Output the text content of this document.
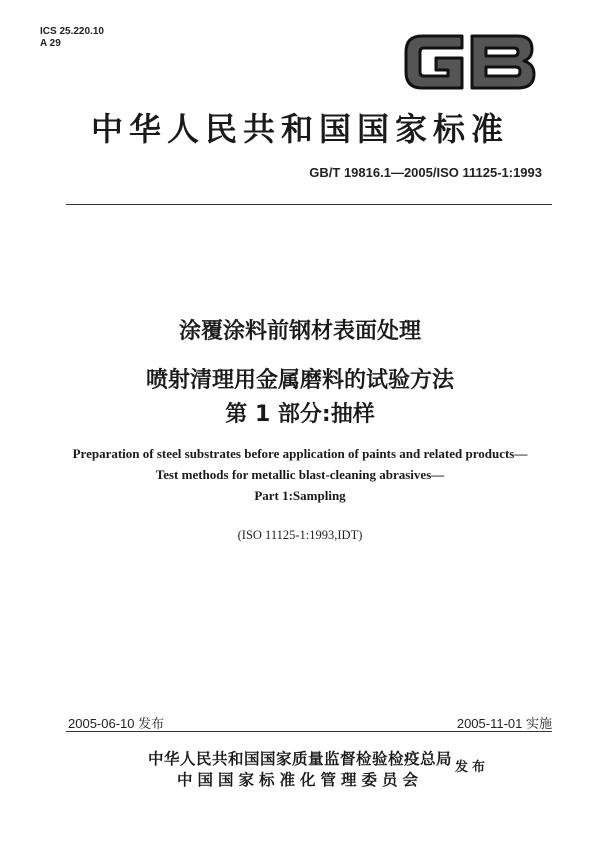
ICS 25.220.10
A 29
中华人民共和国国家标准
GB/T 19816.1—2005/ISO 11125-1:1993
涂覆涂料前钢材表面处理
喷射清理用金属磨料的试验方法
第 1 部分:抽样
Preparation of steel substrates before application of paints and related products—
Test methods for metallic blast-cleaning abrasives—
Part 1:Sampling
(ISO 11125-1:1993,IDT)
2005-06-10 发布	2005-11-01 实施
中华人民共和国国家质量监督检验检疫总局
中国国家标准化管理委员会
发布
